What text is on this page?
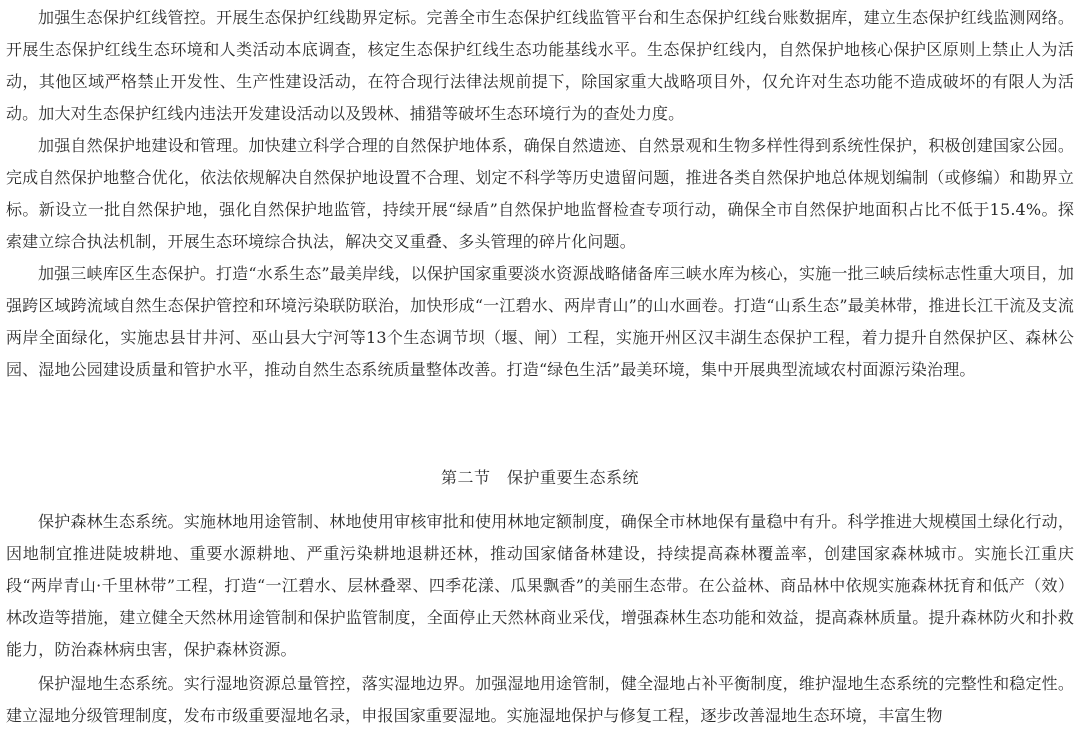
加强生态保护红线管控。开展生态保护红线勘界定标。完善全市生态保护红线监管平台和生态保护红线台账数据库，建立生态保护红线监测网络。开展生态保护红线生态环境和人类活动本底调查，核定生态保护红线生态功能基线水平。生态保护红线内，自然保护地核心保护区原则上禁止人为活动，其他区域严格禁止开发性、生产性建设活动，在符合现行法律法规前提下，除国家重大战略项目外，仅允许对生态功能不造成破坏的有限人为活动。加大对生态保护红线内违法开发建设活动以及毁林、捕猎等破坏生态环境行为的查处力度。

加强自然保护地建设和管理。加快建立科学合理的自然保护地体系，确保自然遗迹、自然景观和生物多样性得到系统性保护，积极创建国家公园。完成自然保护地整合优化，依法依规解决自然保护地设置不合理、划定不科学等历史遗留问题，推进各类自然保护地总体规划编制（或修编）和勘界立标。新设立一批自然保护地，强化自然保护地监管，持续开展“绿盾”自然保护地监督检查专项行动，确保全市自然保护地面积占比不低于15.4%。探索建立综合执法机制，开展生态环境综合执法，解决交叉重叠、多头管理的碎片化问题。

加强三峡库区生态保护。打造“水系生态”最美岸线，以保护国家重要淡水资源战略储备库三峡水库为核心，实施一批三峡后续标志性重大项目，加强跨区域跨流域自然生态保护管控和环境污染联防联治，加快形成“一江碧水、两岸青山”的山水画卷。打造“山系生态”最美林带，推进长江干流及支流两岸全面绿化，实施忠县甘井河、巫山县大宁河等13个生态调节坝（堰、闸）工程，实施开州区汉丰湖生态保护工程，着力提升自然保护区、森林公园、湿地公园建设质量和管护水平，推动自然生态系统质量整体改善。打造“绿色生活”最美环境，集中开展典型流域农村面源污染治理。

第二节　保护重要生态系统

保护森林生态系统。实施林地用途管制、林地使用审核审批和使用林地定额制度，确保全市林地保有量稳中有升。科学推进大规模国土绿化行动，因地制宜推进陡坡耕地、重要水源耕地、严重污染耕地退耕还林，推动国家储备林建设，持续提高森林覆盖率，创建国家森林城市。实施长江重庆段“两岸青山·千里林带”工程，打造“一江碧水、层林叠翠、四季花漾、瓜果飘香”的美丽生态带。在公益林、商品林中依规实施森林抚育和低产（效）林改造等措施，建立健全天然林用途管制和保护监管制度，全面停止天然林商业采伐，增强森林生态功能和效益，提高森林质量。提升森林防火和扑救能力，防治森林病虫害，保护森林资源。

保护湿地生态系统。实行湿地资源总量管控，落实湿地边界。加强湿地用途管制，健全湿地占补平衡制度，维护湿地生态系统的完整性和稳定性。建立湿地分级管理制度，发布市级重要湿地名录，申报国家重要湿地。实施湿地保护与修复工程，逐步改善湿地生态环境，丰富生物
